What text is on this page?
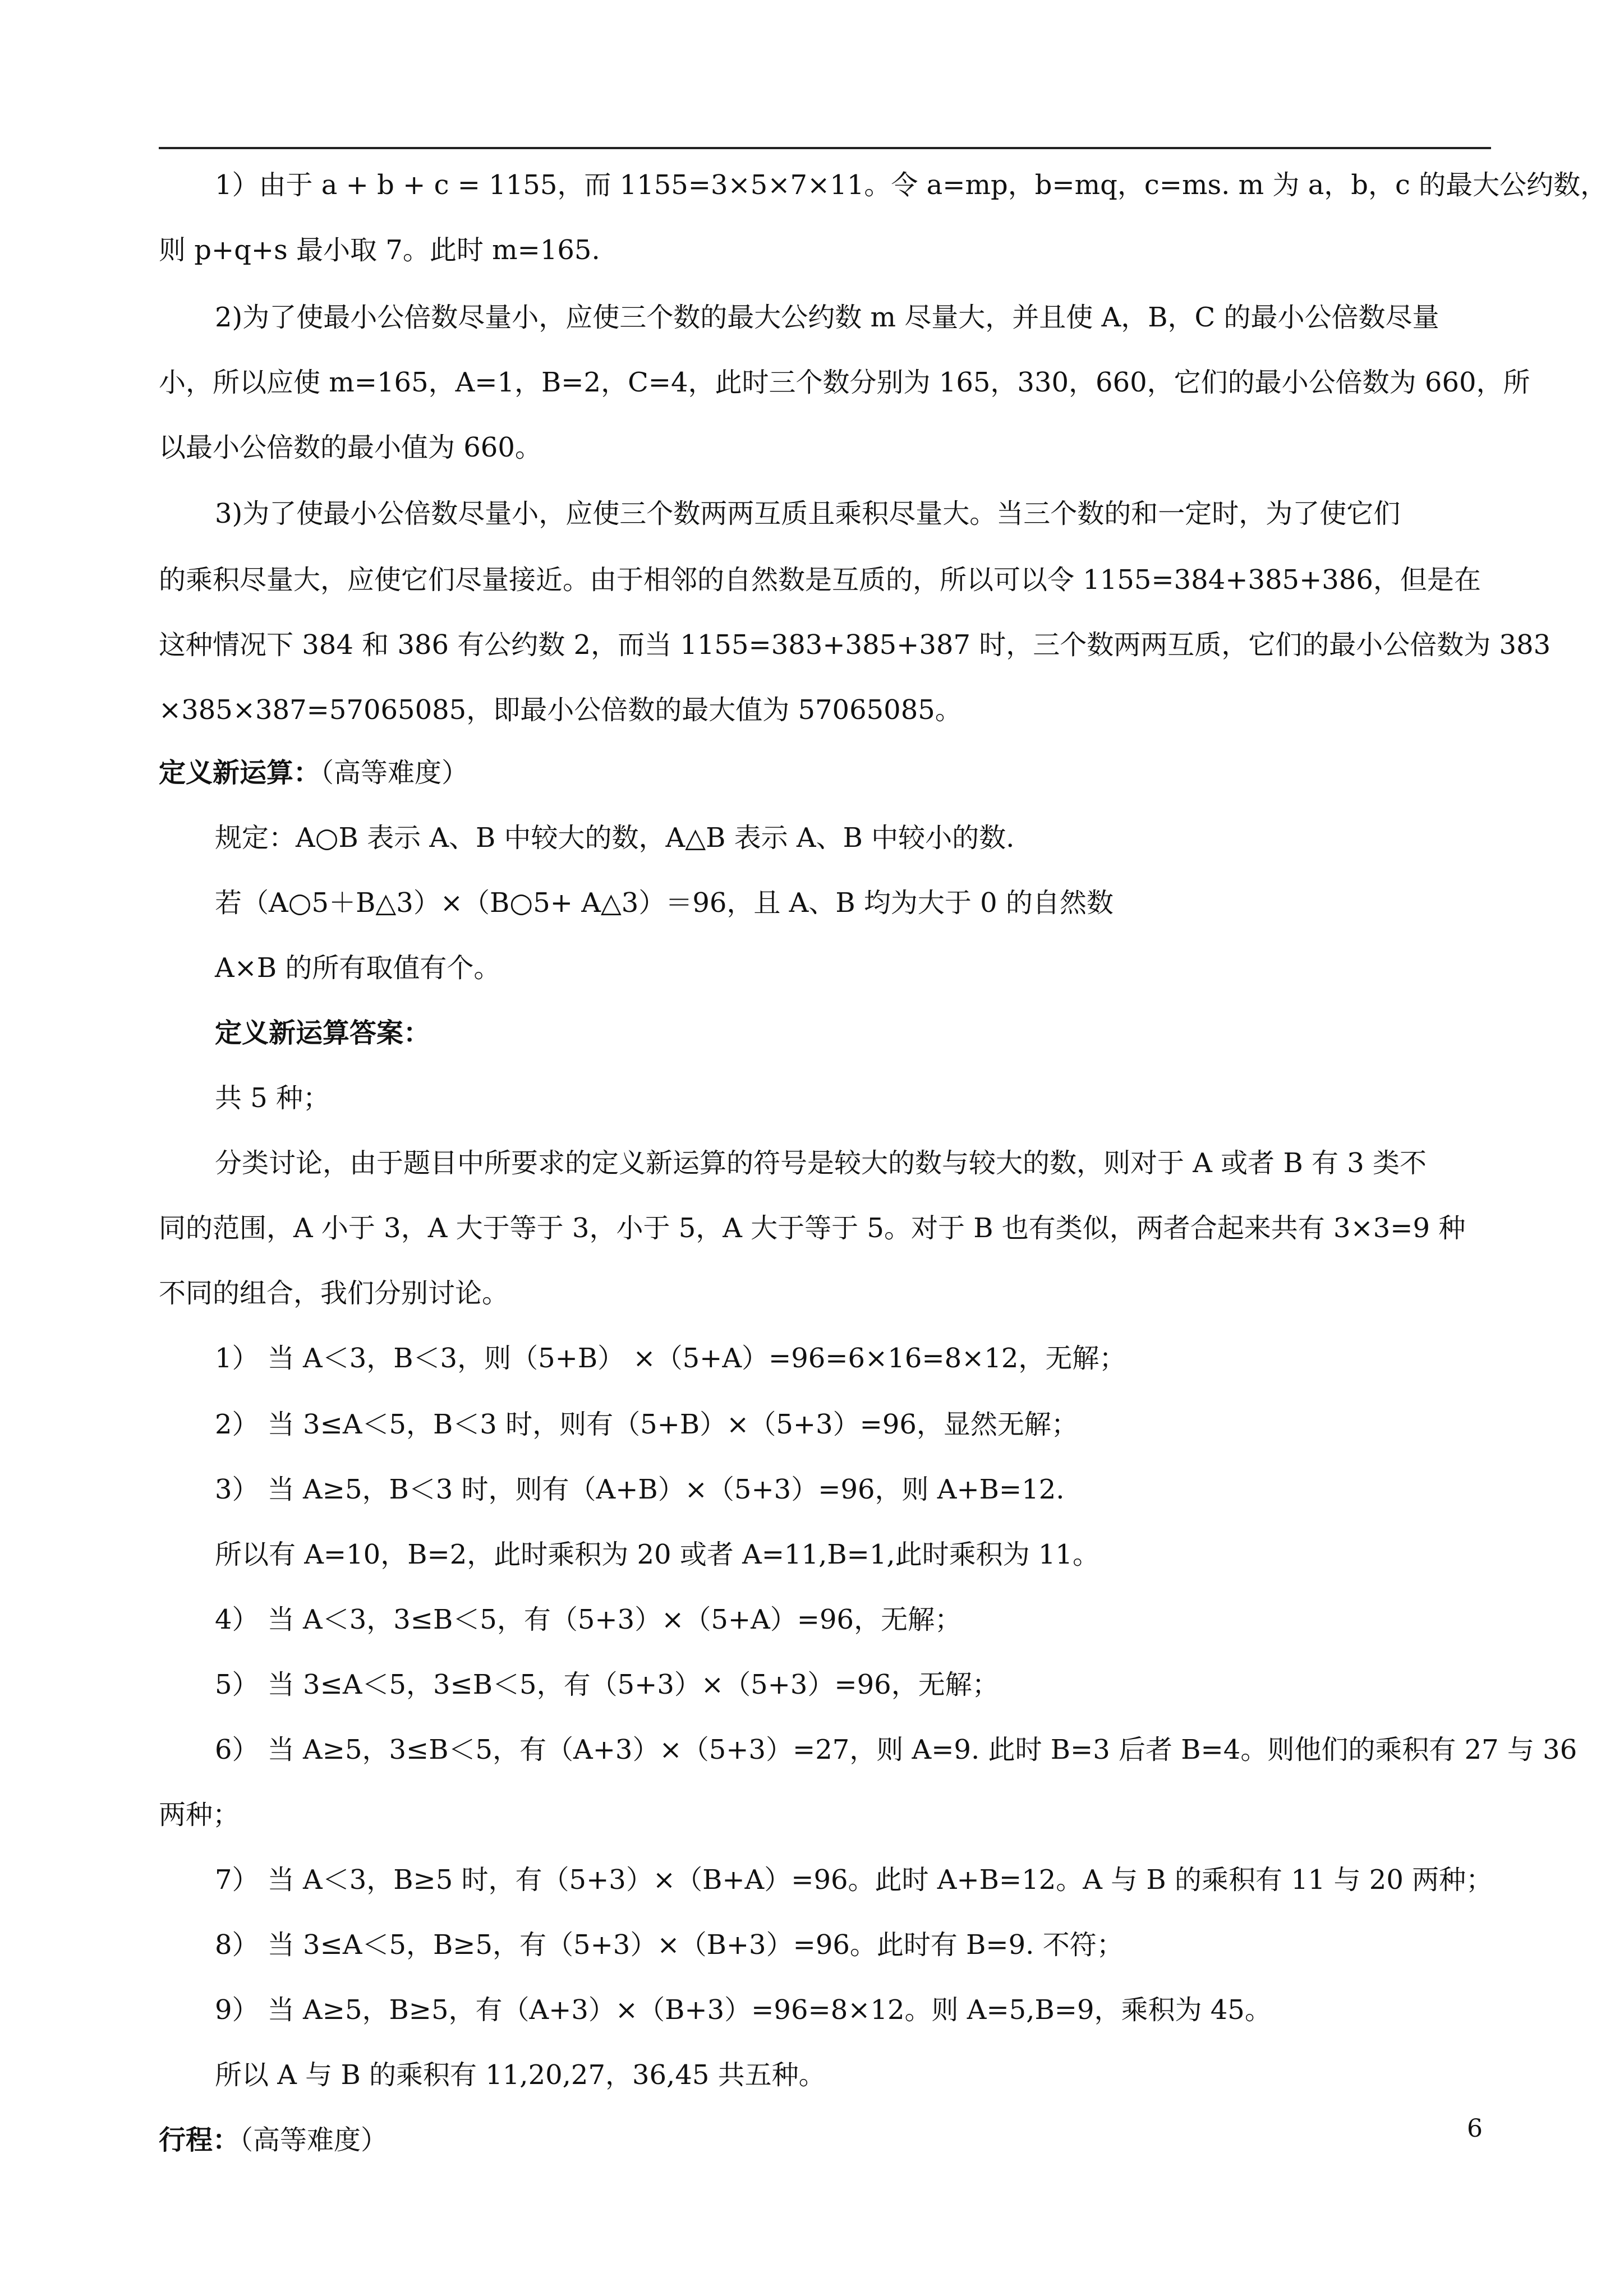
1）由于 a + b + c = 1155，而 1155=3×5×7×11。令 a=mp，b=mq，c=ms. m 为 a，b，c 的最大公约数，
则 p+q+s 最小取 7。此时 m=165.
2)为了使最小公倍数尽量小，应使三个数的最大公约数 m 尽量大，并且使 A，B，C 的最小公倍数尽量
小，所以应使 m=165，A=1，B=2，C=4，此时三个数分别为 165，330，660，它们的最小公倍数为 660，所
以最小公倍数的最小值为 660。
3)为了使最小公倍数尽量小，应使三个数两两互质且乘积尽量大。当三个数的和一定时，为了使它们
的乘积尽量大，应使它们尽量接近。由于相邻的自然数是互质的，所以可以令 1155=384+385+386，但是在
这种情况下 384 和 386 有公约数 2，而当 1155=383+385+387 时，三个数两两互质，它们的最小公倍数为 383
×385×387=57065085，即最小公倍数的最大值为 57065085。
定义新运算：（高等难度）
规定：A○B 表示 A、B 中较大的数，A△B 表示 A、B 中较小的数.
若（A○5＋B△3）×（B○5+ A△3）＝96，且 A、B 均为大于 0 的自然数
A×B 的所有取值有个。
定义新运算答案：
共 5 种；
分类讨论，由于题目中所要求的定义新运算的符号是较大的数与较大的数，则对于 A 或者 B 有 3 类不
同的范围，A 小于 3，A 大于等于 3，小于 5，A 大于等于 5。对于 B 也有类似，两者合起来共有 3×3=9 种
不同的组合，我们分别讨论。
1） 当 A＜3，B＜3，则（5+B） ×（5+A）=96=6×16=8×12，无解；
2） 当 3≤A＜5，B＜3 时，则有（5+B）×（5+3）=96，显然无解；
3） 当 A≥5，B＜3 时，则有（A+B）×（5+3）=96，则 A+B=12.
所以有 A=10，B=2，此时乘积为 20 或者 A=11,B=1,此时乘积为 11。
4） 当 A＜3，3≤B＜5，有（5+3）×（5+A）=96，无解；
5） 当 3≤A＜5，3≤B＜5，有（5+3）×（5+3）=96，无解；
6） 当 A≥5，3≤B＜5，有（A+3）×（5+3）=27，则 A=9. 此时 B=3 后者 B=4。则他们的乘积有 27 与 36
两种；
7） 当 A＜3，B≥5 时，有（5+3）×（B+A）=96。此时 A+B=12。A 与 B 的乘积有 11 与 20 两种；
8） 当 3≤A＜5，B≥5，有（5+3）×（B+3）=96。此时有 B=9. 不符；
9） 当 A≥5，B≥5，有（A+3）×（B+3）=96=8×12。则 A=5,B=9，乘积为 45。
所以 A 与 B 的乘积有 11,20,27，36,45 共五种。
行程：（高等难度）	6
